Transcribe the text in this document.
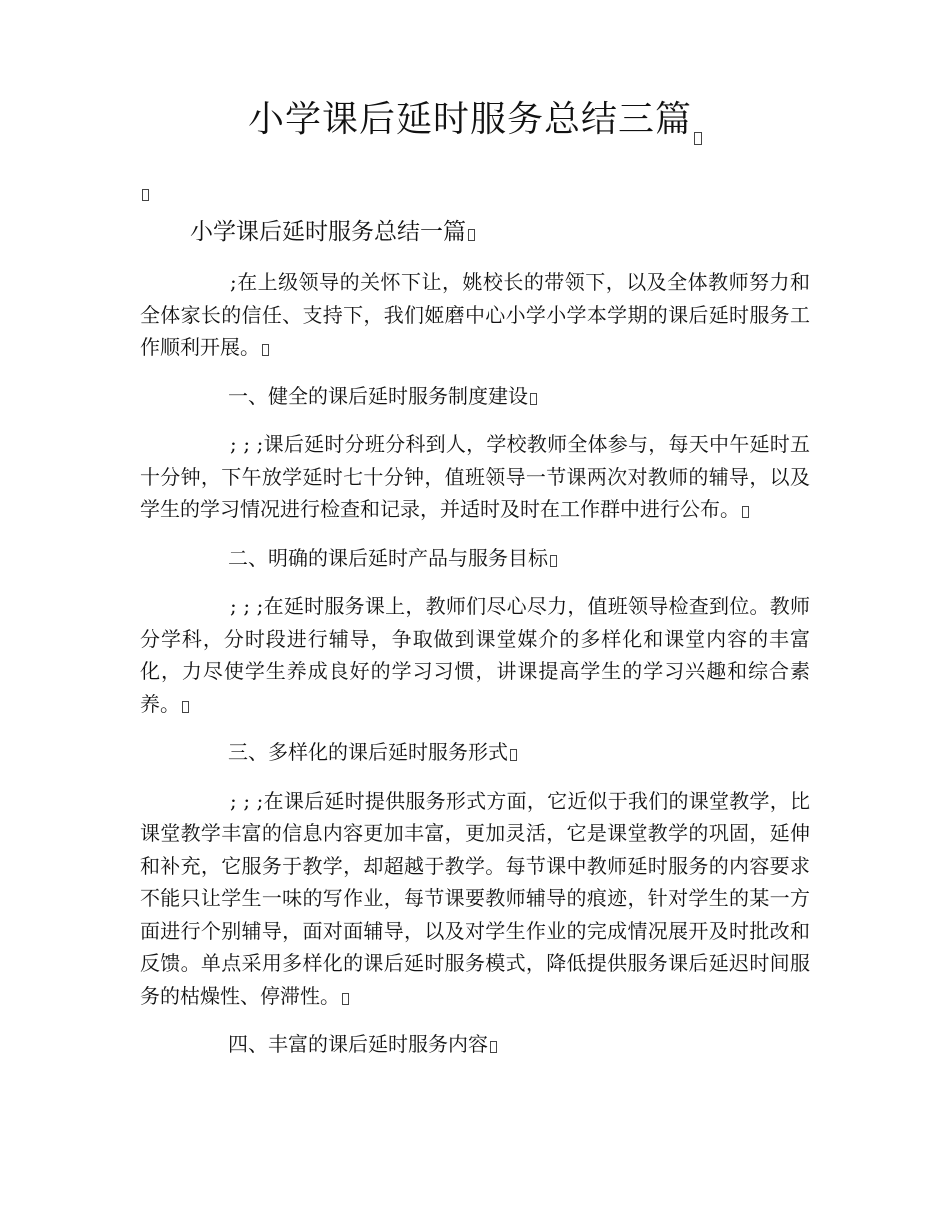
小学课后延时服务总结三篇
小学课后延时服务总结一篇

;在上级领导的关怀下让，姚校长的带领下，以及全体教师努力和全体家长的信任、支持下，我们姬磨中心小学小学本学期的课后延时服务工作顺利开展。

一、健全的课后延时服务制度建设

; ; ;课后延时分班分科到人，学校教师全体参与，每天中午延时五十分钟，下午放学延时七十分钟，值班领导一节课两次对教师的辅导，以及学生的学习情况进行检查和记录，并适时及时在工作群中进行公布。

二、明确的课后延时产品与服务目标

; ; ;在延时服务课上，教师们尽心尽力，值班领导检查到位。教师分学科，分时段进行辅导，争取做到课堂媒介的多样化和课堂内容的丰富化，力尽使学生养成良好的学习习惯，讲课提高学生的学习兴趣和综合素养。

三、多样化的课后延时服务形式

; ; ;在课后延时提供服务形式方面，它近似于我们的课堂教学，比课堂教学丰富的信息内容更加丰富，更加灵活，它是课堂教学的巩固，延伸和补充，它服务于教学，却超越于教学。每节课中教师延时服务的内容要求不能只让学生一味的写作业，每节课要教师辅导的痕迹，针对学生的某一方面进行个别辅导，面对面辅导，以及对学生作业的完成情况展开及时批改和反馈。单点采用多样化的课后延时服务模式，降低提供服务课后延迟时间服务的枯燥性、停滞性。

四、丰富的课后延时服务内容
